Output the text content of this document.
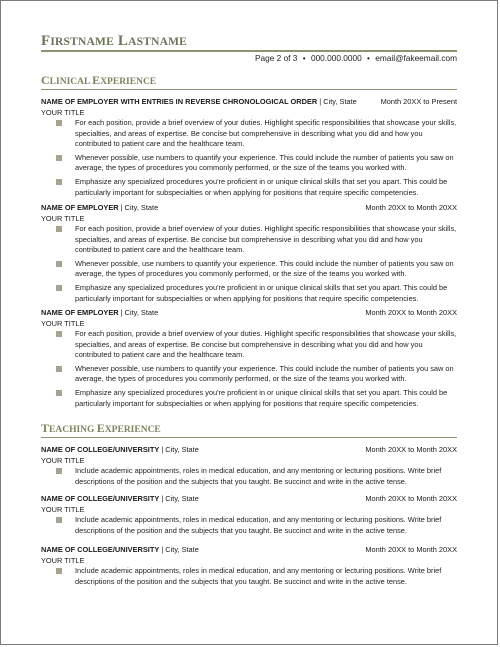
FIRSTNAME LASTNAME
Page 2 of 3 • 000.000.0000 • email@fakeemail.com
CLINICAL EXPERIENCE
NAME OF EMPLOYER WITH ENTRIES IN REVERSE CHRONOLOGICAL ORDER | City, State	Month 20XX to Present
YOUR TITLE
For each position, provide a brief overview of your duties. Highlight specific responsibilities that showcase your skills, specialties, and areas of expertise. Be concise but comprehensive in describing what you did and how you contributed to patient care and the healthcare team.
Whenever possible, use numbers to quantify your experience. This could include the number of patients you saw on average, the types of procedures you commonly performed, or the size of the teams you worked with.
Emphasize any specialized procedures you're proficient in or unique clinical skills that set you apart. This could be particularly important for subspecialties or when applying for positions that require specific competencies.
NAME OF EMPLOYER | City, State	Month 20XX to Month 20XX
YOUR TITLE
For each position, provide a brief overview of your duties. Highlight specific responsibilities that showcase your skills, specialties, and areas of expertise. Be concise but comprehensive in describing what you did and how you contributed to patient care and the healthcare team.
Whenever possible, use numbers to quantify your experience. This could include the number of patients you saw on average, the types of procedures you commonly performed, or the size of the teams you worked with.
Emphasize any specialized procedures you're proficient in or unique clinical skills that set you apart. This could be particularly important for subspecialties or when applying for positions that require specific competencies.
NAME OF EMPLOYER | City, State	Month 20XX to Month 20XX
YOUR TITLE
For each position, provide a brief overview of your duties. Highlight specific responsibilities that showcase your skills, specialties, and areas of expertise. Be concise but comprehensive in describing what you did and how you contributed to patient care and the healthcare team.
Whenever possible, use numbers to quantify your experience. This could include the number of patients you saw on average, the types of procedures you commonly performed, or the size of the teams you worked with.
Emphasize any specialized procedures you're proficient in or unique clinical skills that set you apart. This could be particularly important for subspecialties or when applying for positions that require specific competencies.
TEACHING EXPERIENCE
NAME OF COLLEGE/UNIVERSITY | City, State	Month 20XX to Month 20XX
YOUR TITLE
Include academic appointments, roles in medical education, and any mentoring or lecturing positions. Write brief descriptions of the position and the subjects that you taught. Be succinct and write in the active tense.
NAME OF COLLEGE/UNIVERSITY | City, State	Month 20XX to Month 20XX
YOUR TITLE
Include academic appointments, roles in medical education, and any mentoring or lecturing positions. Write brief descriptions of the position and the subjects that you taught. Be succinct and write in the active tense.
NAME OF COLLEGE/UNIVERSITY | City, State	Month 20XX to Month 20XX
YOUR TITLE
Include academic appointments, roles in medical education, and any mentoring or lecturing positions. Write brief descriptions of the position and the subjects that you taught. Be succinct and write in the active tense.
